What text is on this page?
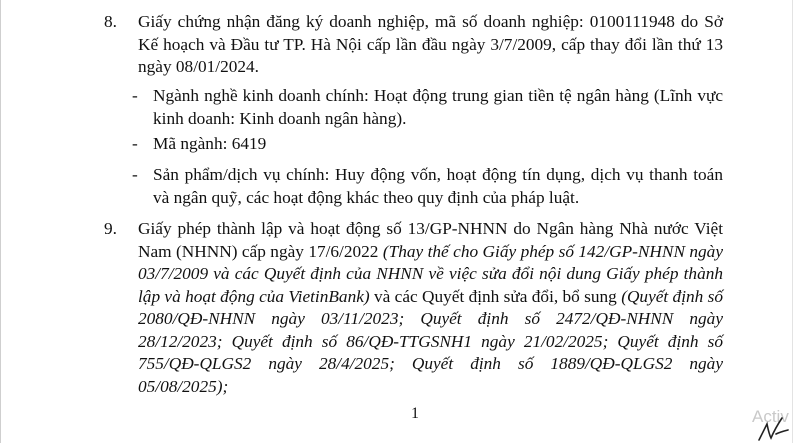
8.	Giấy chứng nhận đăng ký doanh nghiệp, mã số doanh nghiệp: 0100111948 do Sở
Kế hoạch và Đầu tư TP. Hà Nội cấp lần đầu ngày 3/7/2009, cấp thay đổi lần thứ 13
ngày 08/01/2024.
- Ngành nghề kinh doanh chính: Hoạt động trung gian tiền tệ ngân hàng (Lĩnh vực
kinh doanh: Kinh doanh ngân hàng).
- Mã ngành: 6419
- Sản phẩm/dịch vụ chính: Huy động vốn, hoạt động tín dụng, dịch vụ thanh toán
và ngân quỹ, các hoạt động khác theo quy định của pháp luật.
9.	Giấy phép thành lập và hoạt động số 13/GP-NHNN do Ngân hàng Nhà nước Việt
Nam (NHNN) cấp ngày 17/6/2022 (Thay thế cho Giấy phép số 142/GP-NHNN ngày
03/7/2009 và các Quyết định của NHNN về việc sửa đổi nội dung Giấy phép thành
lập và hoạt động của VietinBank) và các Quyết định sửa đổi, bổ sung (Quyết định số
2080/QĐ-NHNN ngày 03/11/2023; Quyết định số 2472/QĐ-NHNN ngày
28/12/2023; Quyết định số 86/QĐ-TTGSNH1 ngày 21/02/2025; Quyết định số
755/QĐ-QLGS2 ngày 28/4/2025; Quyết định số 1889/QĐ-QLGS2 ngày
05/08/2025);
1	Activ
